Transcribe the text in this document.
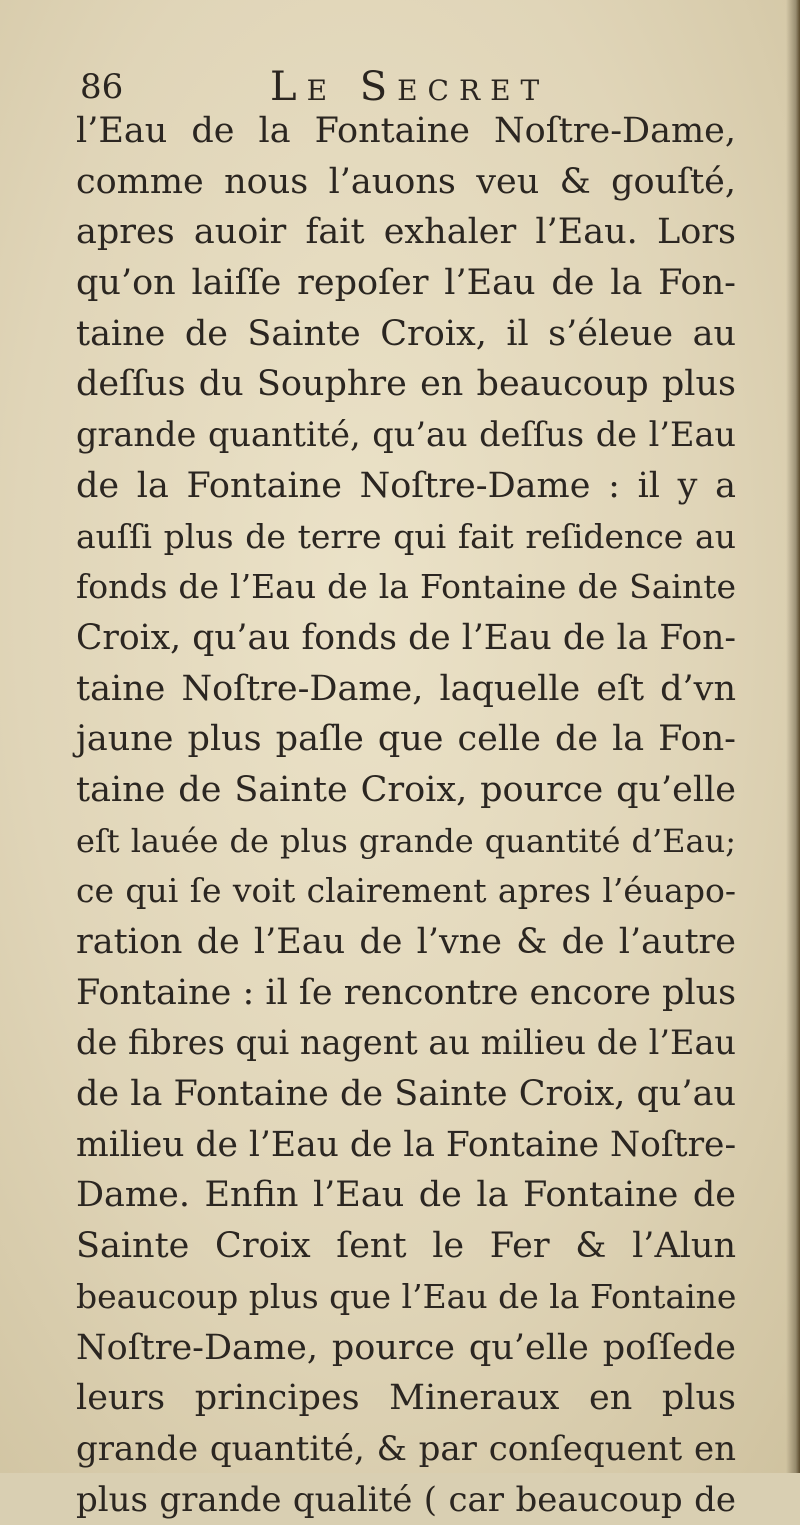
86	Le Secret
l’Eau de la Fontaine Noſtre-Dame,
comme nous l’auons veu & gouſté,
apres auoir fait exhaler l’Eau. Lors
qu’on laiſſe repoſer l’Eau de la Fon-
taine de Sainte Croix, il s’éleue au
deſſus du Souphre en beaucoup plus
grande quantité, qu’au deſſus de l’Eau
de la Fontaine Noſtre-Dame : il y a
auſſi plus de terre qui fait reſidence au
fonds de l’Eau de la Fontaine de Sainte
Croix, qu’au fonds de l’Eau de la Fon-
taine Noſtre-Dame, laquelle eſt d’vn
jaune plus paſle que celle de la Fon-
taine de Sainte Croix, pource qu’elle
eſt lauée de plus grande quantité d’Eau;
ce qui ſe voit clairement apres l’éuapo-
ration de l’Eau de l’vne & de l’autre
Fontaine : il ſe rencontre encore plus
de fibres qui nagent au milieu de l’Eau
de la Fontaine de Sainte Croix, qu’au
milieu de l’Eau de la Fontaine Noſtre-
Dame. Enfin l’Eau de la Fontaine de
Sainte Croix ſent le Fer & l’Alun
beaucoup plus que l’Eau de la Fontaine
Noſtre-Dame, pource qu’elle poſſede
leurs principes Mineraux en plus
grande quantité, & par conſequent en
plus grande qualité ( car beaucoup de
